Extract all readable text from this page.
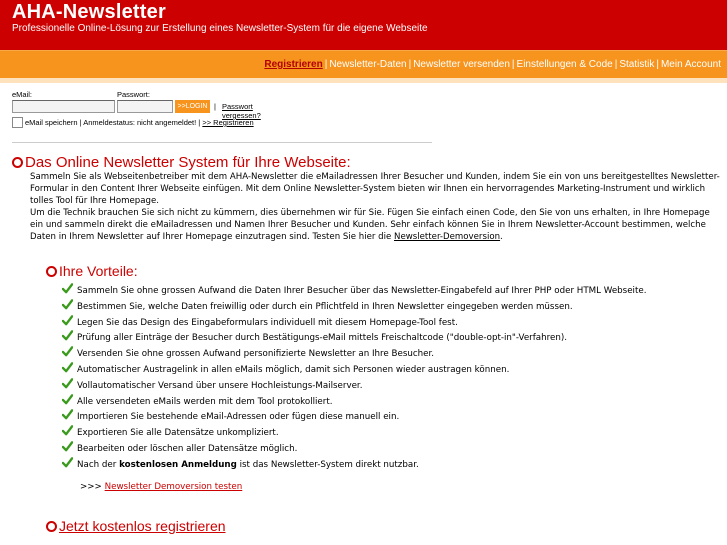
AHA-Newsletter
Professionelle Online-Lösung zur Erstellung eines Newsletter-System für die eigene Webseite
Registrieren | Newsletter-Daten | Newsletter versenden | Einstellungen & Code | Statistik | Mein Account
eMail:	Passwort:
>>LOGIN | Passwort vergessen?
eMail speichern | Anmeldestatus: nicht angemeldet! | >> Registrieren
Das Online Newsletter System für Ihre Webseite:

Sammeln Sie als Webseitenbetreiber mit dem AHA-Newsletter die eMailadressen Ihrer Besucher und Kunden, indem Sie ein von uns bereitgestelltes Newsletter-Formular in den Content Ihrer Webseite einfügen. Mit dem Online Newsletter-System bieten wir Ihnen ein hervorragendes Marketing-Instrument und wirklich tolles Tool für Ihre Homepage.

Um die Technik brauchen Sie sich nicht zu kümmern, dies übernehmen wir für Sie. Fügen Sie einfach einen Code, den Sie von uns erhalten, in Ihre Homepage ein und sammeln direkt die eMailadressen und Namen Ihrer Besucher und Kunden. Sehr einfach können Sie in Ihrem Newsletter-Account bestimmen, welche Daten in Ihrem Newsletter auf Ihrer Homepage einzutragen sind. Testen Sie hier die Newsletter-Demoversion.

Ihre Vorteile:
Sammeln Sie ohne grossen Aufwand die Daten Ihrer Besucher über das Newsletter-Eingabefeld auf Ihrer PHP oder HTML Webseite.
Bestimmen Sie, welche Daten freiwillig oder durch ein Pflichtfeld in Ihren Newsletter eingegeben werden müssen.
Legen Sie das Design des Eingabeformulars individuell mit diesem Homepage-Tool fest.
Prüfung aller Einträge der Besucher durch Bestätigungs-eMail mittels Freischaltcode ("double-opt-in"-Verfahren).
Versenden Sie ohne grossen Aufwand personifizierte Newsletter an Ihre Besucher.
Automatischer Austragelink in allen eMails möglich, damit sich Personen wieder austragen können.
Vollautomatischer Versand über unsere Hochleistungs-Mailserver.
Alle versendeten eMails werden mit dem Tool protokolliert.
Importieren Sie bestehende eMail-Adressen oder fügen diese manuell ein.
Exportieren Sie alle Datensätze unkompliziert.
Bearbeiten oder löschen aller Datensätze möglich.
Nach der kostenlosen Anmeldung ist das Newsletter-System direkt nutzbar.
>>> Newsletter Demoversion testen
Jetzt kostenlos registrieren
